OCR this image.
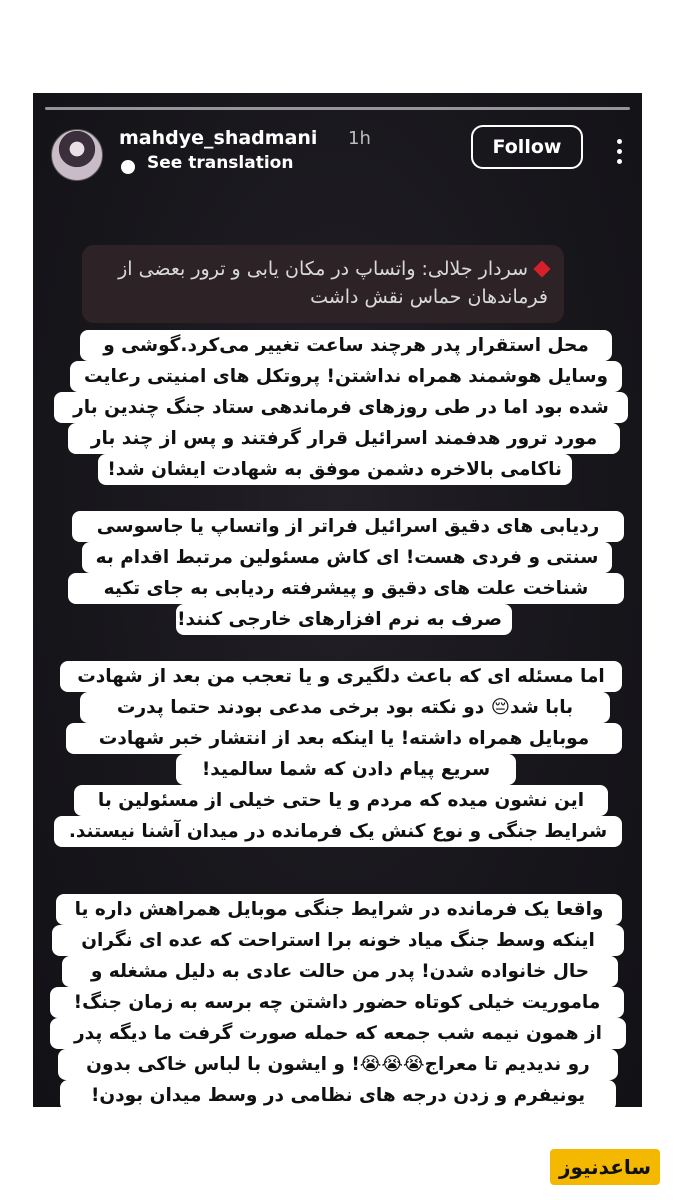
mahdye_shadmani 1h
See translation
Follow
سردار جلالی: واتساپ در مکان یابی و ترور بعضی از فرماندهان حماس نقش داشت
محل استقرار پدر هرچند ساعت تغییر می‌کرد.گوشی و
وسایل هوشمند همراه نداشتن! پروتکل های امنیتی رعایت
شده بود اما در طی روزهای فرماندهی ستاد جنگ چندین بار
مورد ترور هدفمند اسرائیل قرار گرفتند و پس از چند بار
ناکامی بالاخره دشمن موفق به شهادت ایشان شد!
ردیابی های دقیق اسرائیل فراتر از واتساپ یا جاسوسی
سنتی و فردی هست! ای کاش مسئولین مرتبط اقدام به
شناخت علت های دقیق و پیشرفته ردیابی به جای تکیه
صرف به نرم افزارهای خارجی کنند!
اما مسئله ای که باعث دلگیری و یا تعجب من بعد از شهادت
بابا شد😔 دو نکته بود برخی مدعی بودند حتما پدرت
موبایل همراه داشته! یا اینکه بعد از انتشار خبر شهادت
سریع پیام دادن که شما سالمید!
این نشون میده که مردم و یا حتی خیلی از مسئولین با
شرایط جنگی و نوع کنش یک فرمانده در میدان آشنا نیستند.
واقعا یک فرمانده در شرایط جنگی موبایل همراهش داره یا
اینکه وسط جنگ میاد خونه برا استراحت که عده ای نگران
حال خانواده شدن! پدر من حالت عادی به دلیل مشغله و
ماموریت خیلی کوتاه حضور داشتن چه برسه به زمان جنگ!
از همون نیمه شب جمعه که حمله صورت گرفت ما دیگه پدر
رو ندیدیم تا معراج😭😭😭! و ایشون با لباس خاکی بدون
یونیفرم و زدن درجه های نظامی در وسط میدان بودن!
ساعدنیوز
